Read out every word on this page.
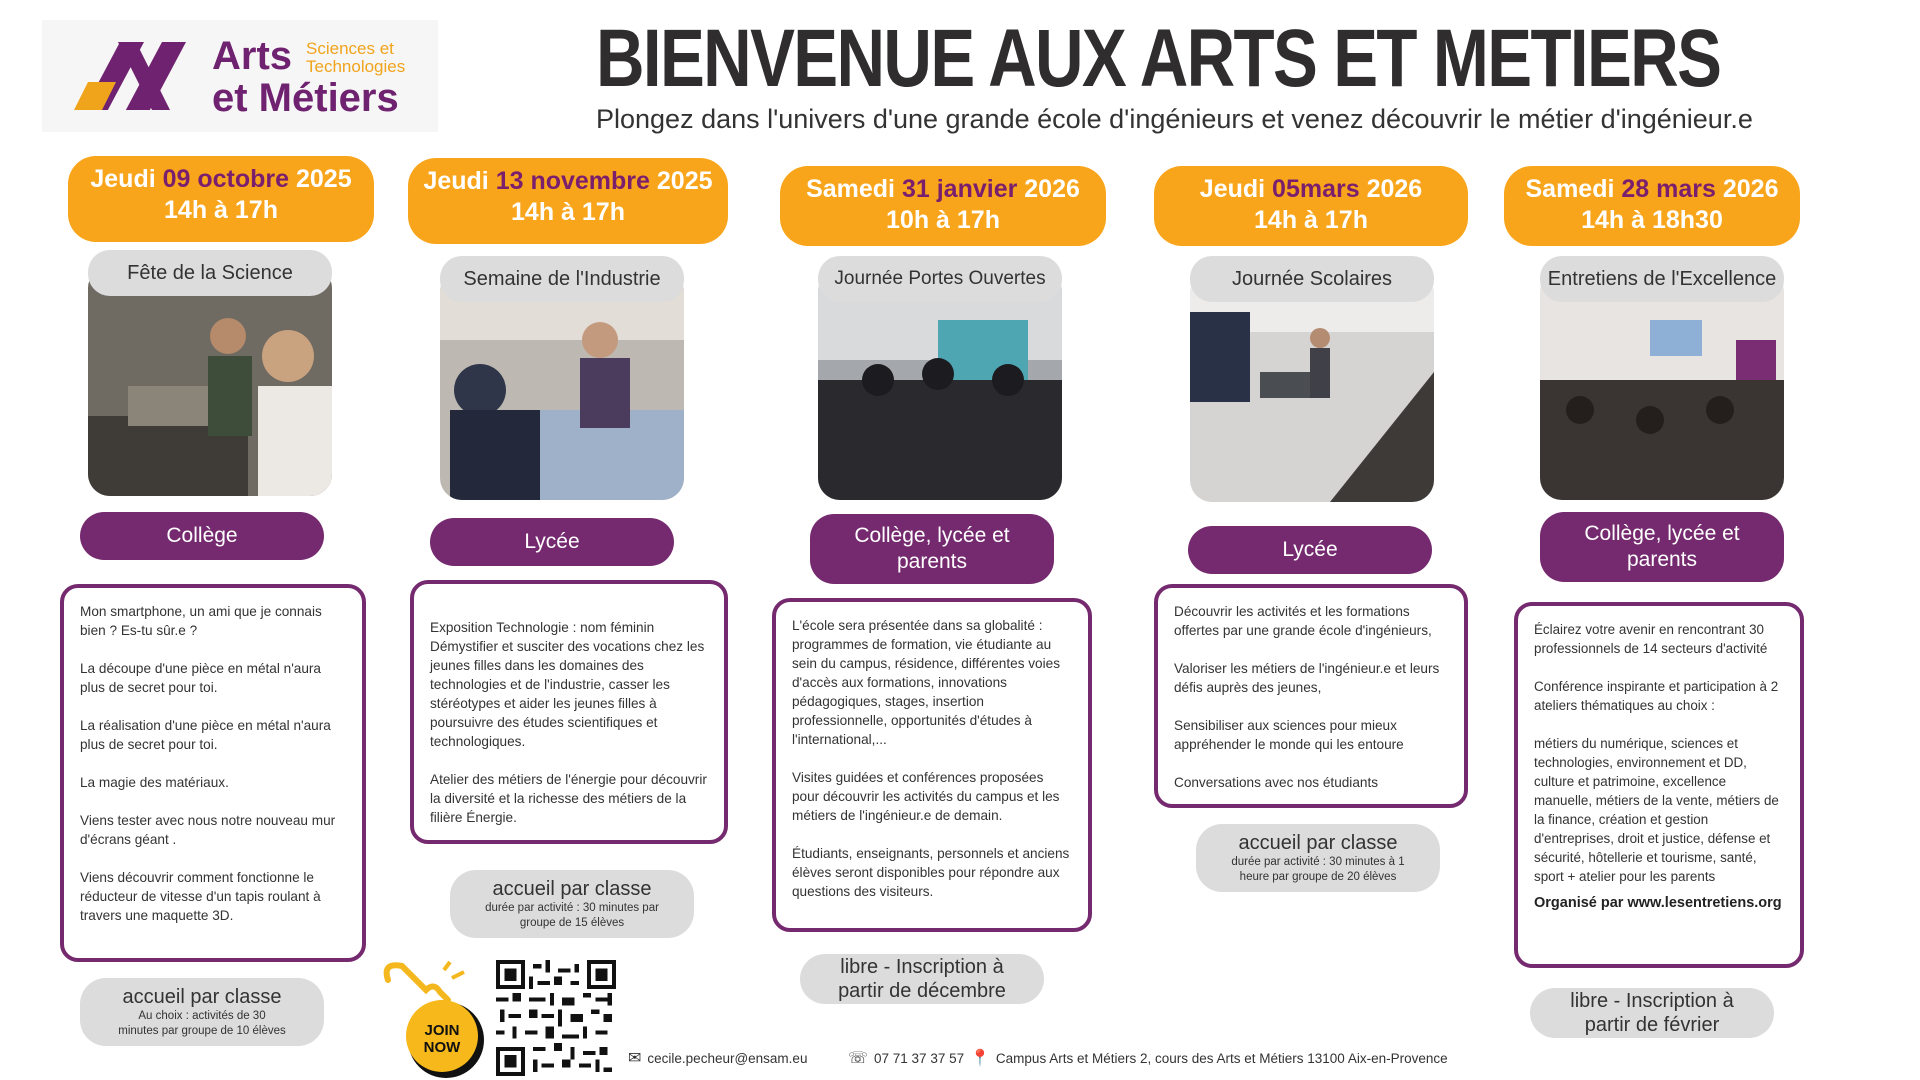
Arts Sciences et
Technologies
et Métiers BIENVENUE AUX ARTS ET METIERS
Plongez dans l'univers d'une grande école d'ingénieurs et venez découvrir le métier d'ingénieur.e
Jeudi 09 octobre 2025
14h à 17h
Fête de la Science
Collège

Mon smartphone, un ami que je connais bien ? Es-tu sûr.e ?

La découpe d'une pièce en métal n'aura plus de secret pour toi.

La réalisation d'une pièce en métal n'aura plus de secret pour toi.

La magie des matériaux.

Viens tester avec nous notre nouveau mur d'écrans géant .

Viens découvrir comment fonctionne le réducteur de vitesse d'un tapis roulant à travers une maquette 3D.

accueil par classe
Au choix : activités de 30 minutes par groupe de 10 élèves
Jeudi 13 novembre 2025
14h à 17h
Semaine de l'Industrie
Lycée

Exposition Technologie : nom féminin Démystifier et susciter des vocations chez les jeunes filles dans les domaines des technologies et de l'industrie, casser les stéréotypes et aider les jeunes filles à poursuivre des études scientifiques et technologiques.

Atelier des métiers de l'énergie pour découvrir la diversité et la richesse des métiers de la filière Énergie.

accueil par classe
durée par activité : 30 minutes par groupe de 15 élèves
Samedi 31 janvier 2026
10h à 17h
Journée Portes Ouvertes
Collège, lycée et parents

L'école sera présentée dans sa globalité : programmes de formation, vie étudiante au sein du campus, résidence, différentes voies d'accès aux formations, innovations pédagogiques, stages, insertion professionnelle, opportunités d'études à l'international,...

Visites guidées et conférences proposées pour découvrir les activités du campus et les métiers de l'ingénieur.e de demain.

Étudiants, enseignants, personnels et anciens élèves seront disponibles pour répondre aux questions des visiteurs.

libre - Inscription à partir de décembre
Jeudi 05mars 2026
14h à 17h
Journée Scolaires
Lycée

Découvrir les activités et les formations offertes par une grande école d'ingénieurs,

Valoriser les métiers de l'ingénieur.e et leurs défis auprès des jeunes,

Sensibiliser aux sciences pour mieux appréhender le monde qui les entoure

Conversations avec nos étudiants

accueil par classe
durée par activité : 30 minutes à 1 heure par groupe de 20 élèves
Samedi 28 mars 2026
14h à 18h30
Entretiens de l'Excellence
Collège, lycée et parents

Éclairez votre avenir en rencontrant 30 professionnels de 14 secteurs d'activité

Conférence inspirante et participation à 2 ateliers thématiques au choix :

métiers du numérique, sciences et technologies, environnement et DD, culture et patrimoine, excellence manuelle, métiers de la vente, métiers de la finance, création et gestion d'entreprises, droit et justice, défense et sécurité, hôtellerie et tourisme, santé, sport + atelier pour les parents

Organisé par www.lesentretiens.org
libre - Inscription à partir de février
JOIN
NOW
✉ cecile.pecheur@ensam.eu	☏ 07 71 37 37 57 📍 Campus Arts et Métiers 2, cours des Arts et Métiers 13100 Aix-en-Provence
